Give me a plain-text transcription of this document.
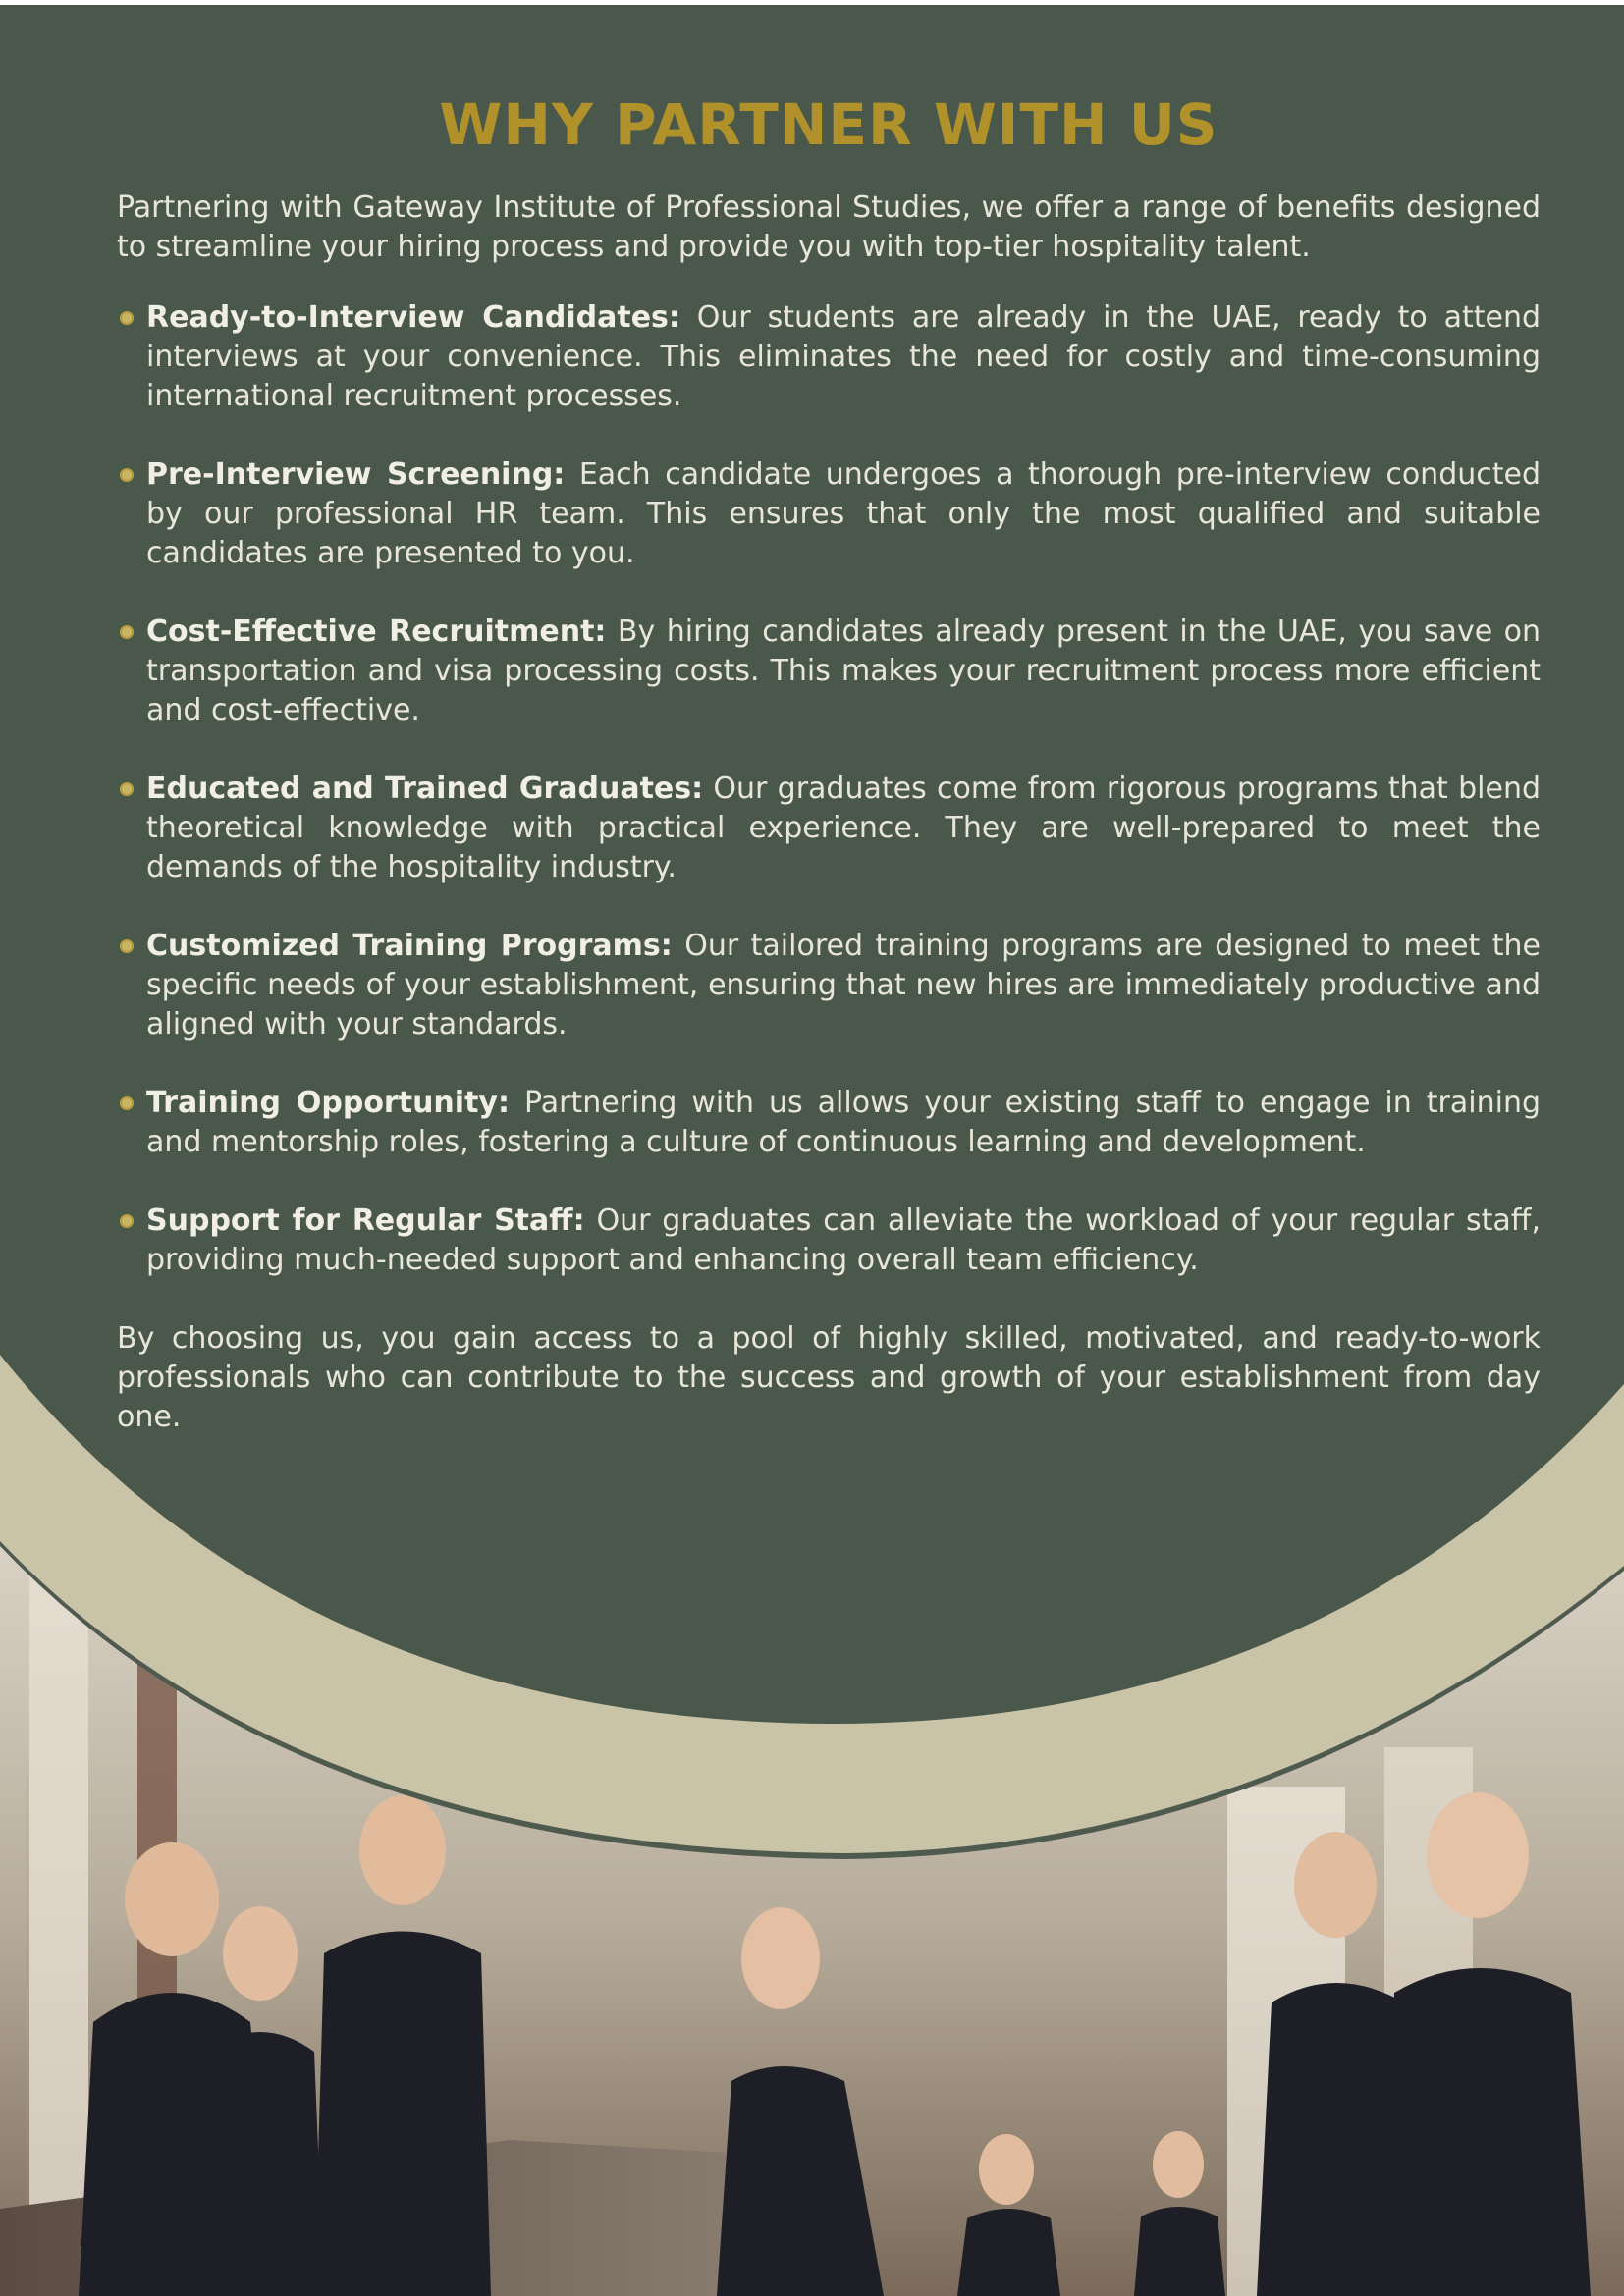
WHY PARTNER WITH US

Partnering with Gateway Institute of Professional Studies, we offer a range of benefits designed to streamline your hiring process and provide you with top-tier hospitality talent.

Ready-to-Interview Candidates: Our students are already in the UAE, ready to attend interviews at your convenience. This eliminates the need for costly and time-consuming international recruitment processes.
Pre-Interview Screening: Each candidate undergoes a thorough pre-interview conducted by our professional HR team. This ensures that only the most qualified and suitable candidates are presented to you.
Cost-Effective Recruitment: By hiring candidates already present in the UAE, you save on transportation and visa processing costs. This makes your recruitment process more efficient and cost-effective.
Educated and Trained Graduates: Our graduates come from rigorous programs that blend theoretical knowledge with practical experience. They are well-prepared to meet the demands of the hospitality industry.
Customized Training Programs: Our tailored training programs are designed to meet the specific needs of your establishment, ensuring that new hires are immediately productive and aligned with your standards.
Training Opportunity: Partnering with us allows your existing staff to engage in training and mentorship roles, fostering a culture of continuous learning and development.
Support for Regular Staff: Our graduates can alleviate the workload of your regular staff, providing much-needed support and enhancing overall team efficiency.

By choosing us, you gain access to a pool of highly skilled, motivated, and ready-to-work professionals who can contribute to the success and growth of your establishment from day one.
